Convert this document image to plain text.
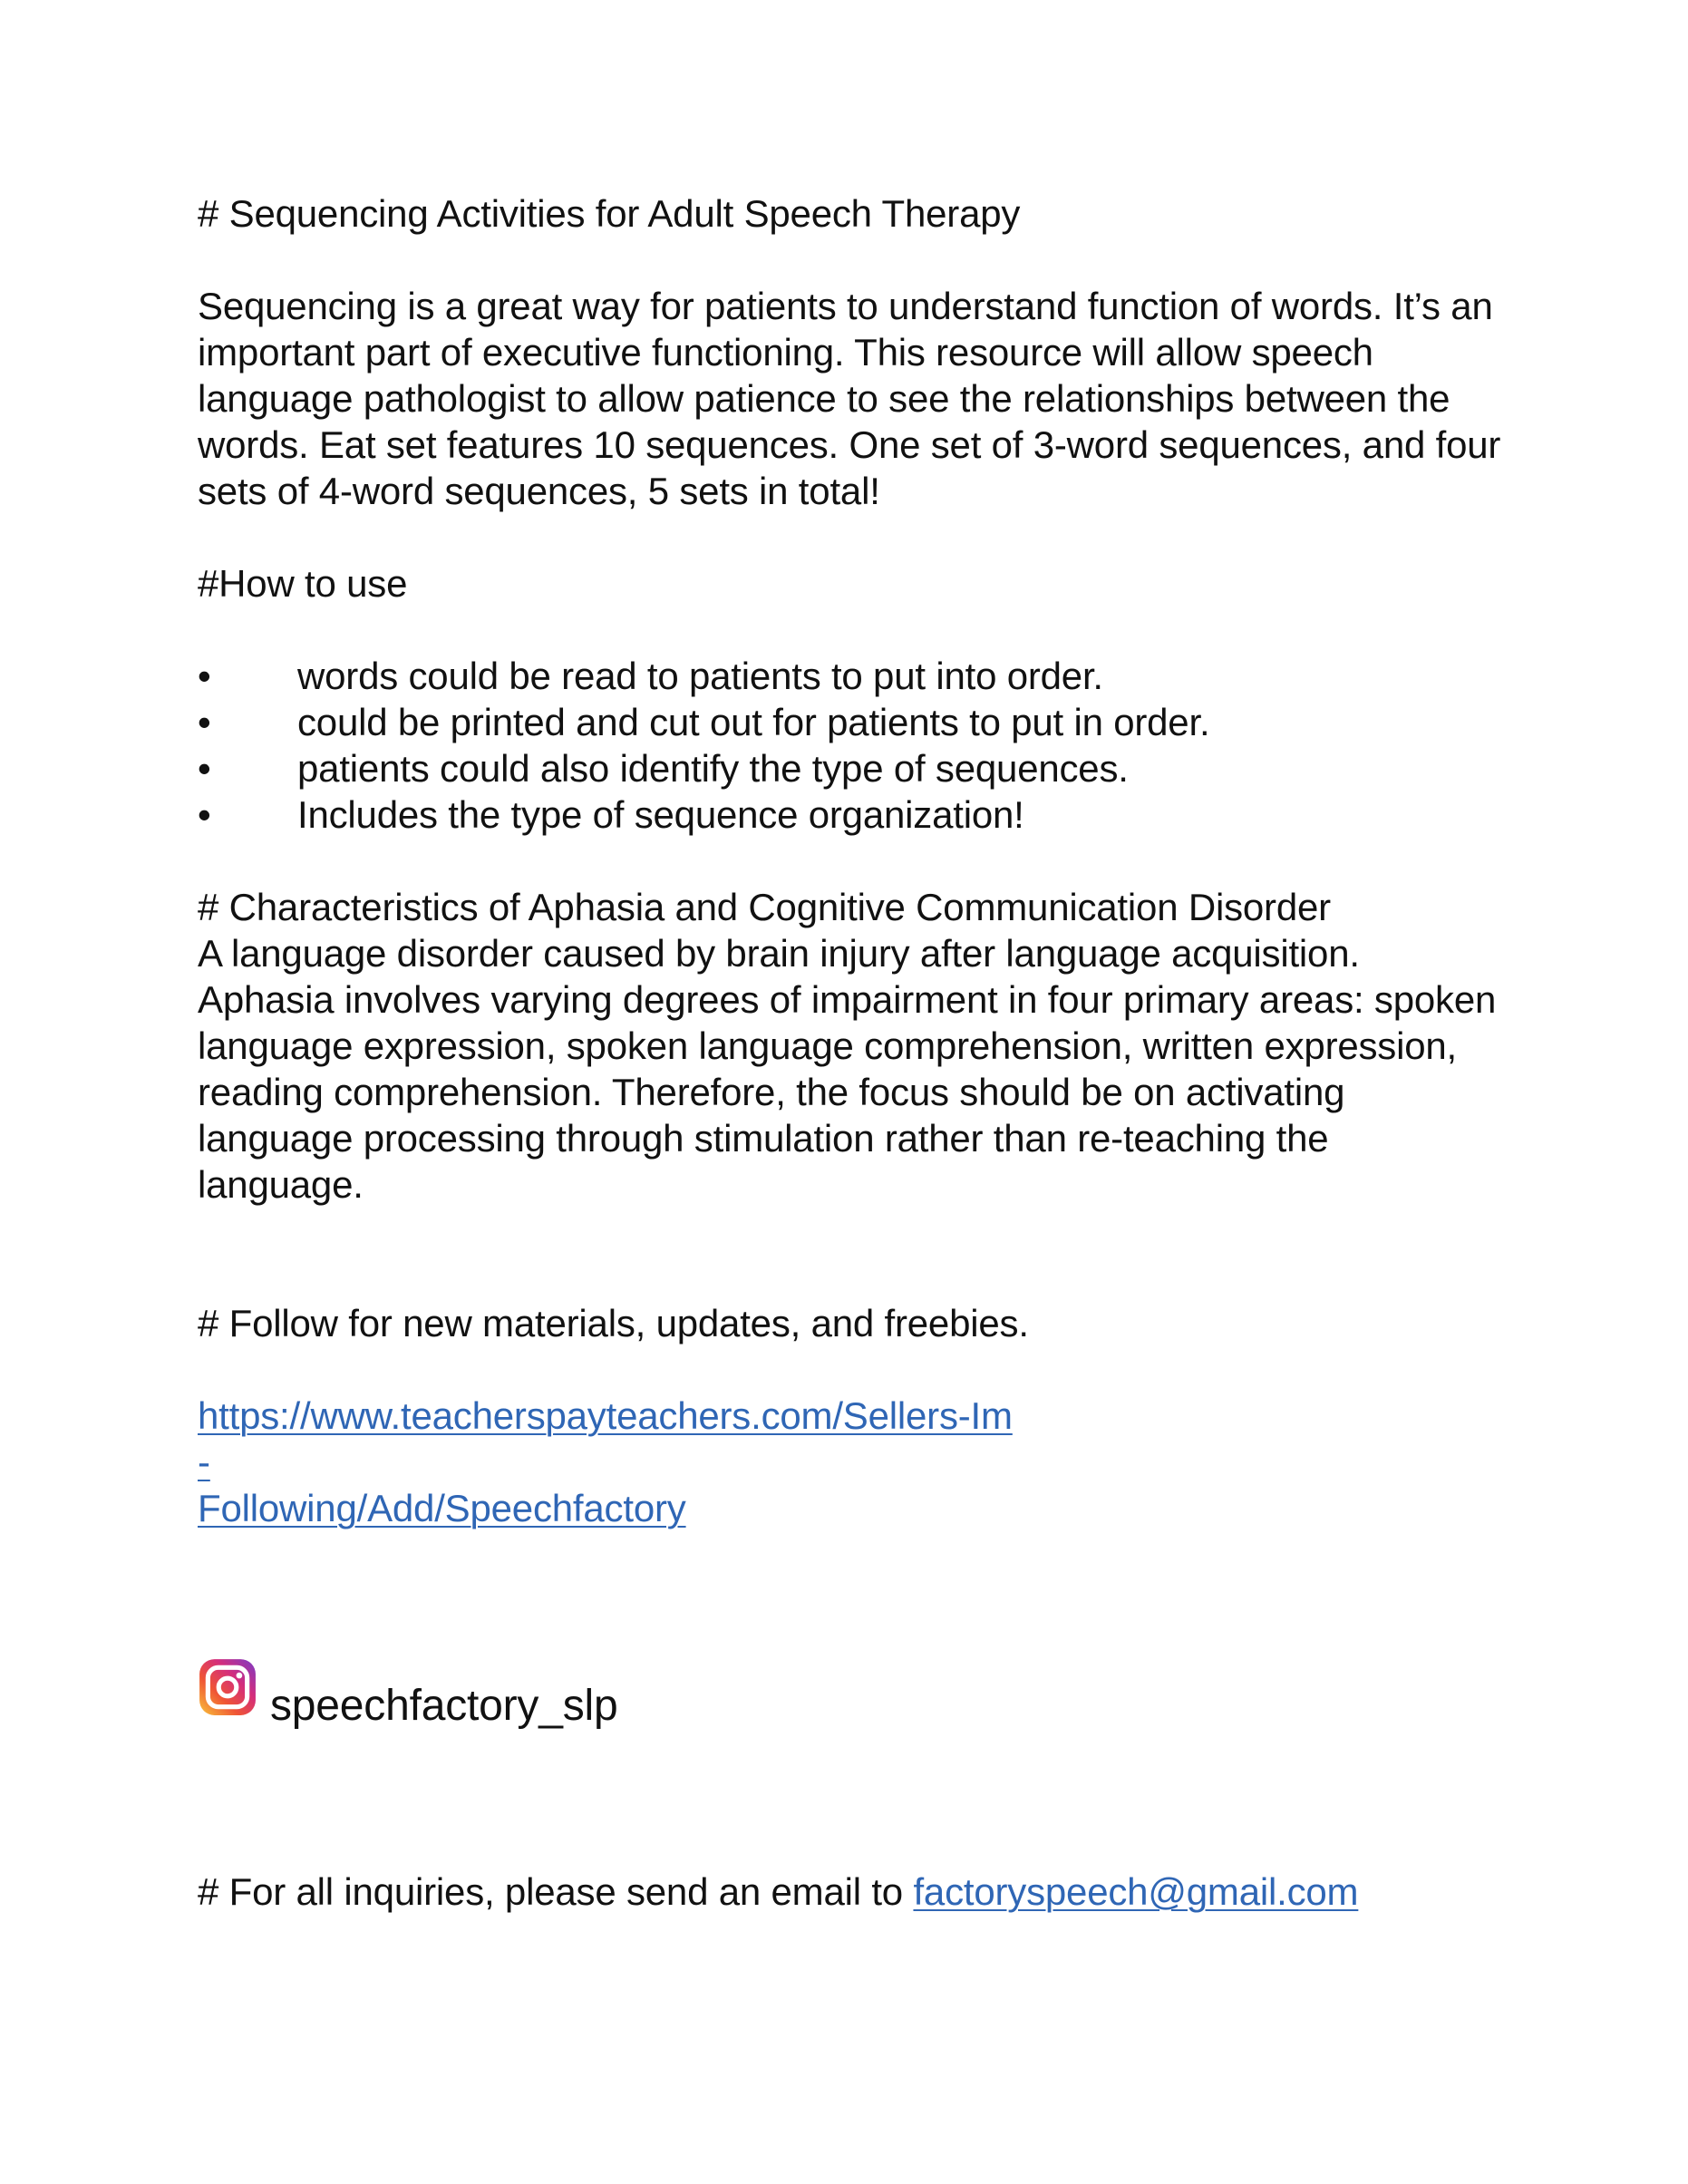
# Sequencing Activities for Adult Speech Therapy

Sequencing is a great way for patients to understand function of words. It’s an important part of executive functioning. This resource will allow speech language pathologist to allow patience to see the relationships between the words. Eat set features 10 sequences. One set of 3-word sequences, and four sets of 4-word sequences, 5 sets in total!

#How to use

•	words could be read to patients to put into order.
•	could be printed and cut out for patients to put in order.
•	patients could also identify the type of sequences.
•	Includes the type of sequence organization!

# Characteristics of Aphasia and Cognitive Communication Disorder

A language disorder caused by brain injury after language acquisition. Aphasia involves varying degrees of impairment in four primary areas: spoken language expression, spoken language comprehension, written expression, reading comprehension. Therefore, the focus should be on activating language processing through stimulation rather than re-teaching the language.

# Follow for new materials, updates, and freebies.

https://www.teacherspayteachers.com/Sellers-Im-
Following/Add/Speechfactory
speechfactory_slp

# For all inquiries, please send an email to factoryspeech@gmail.com
